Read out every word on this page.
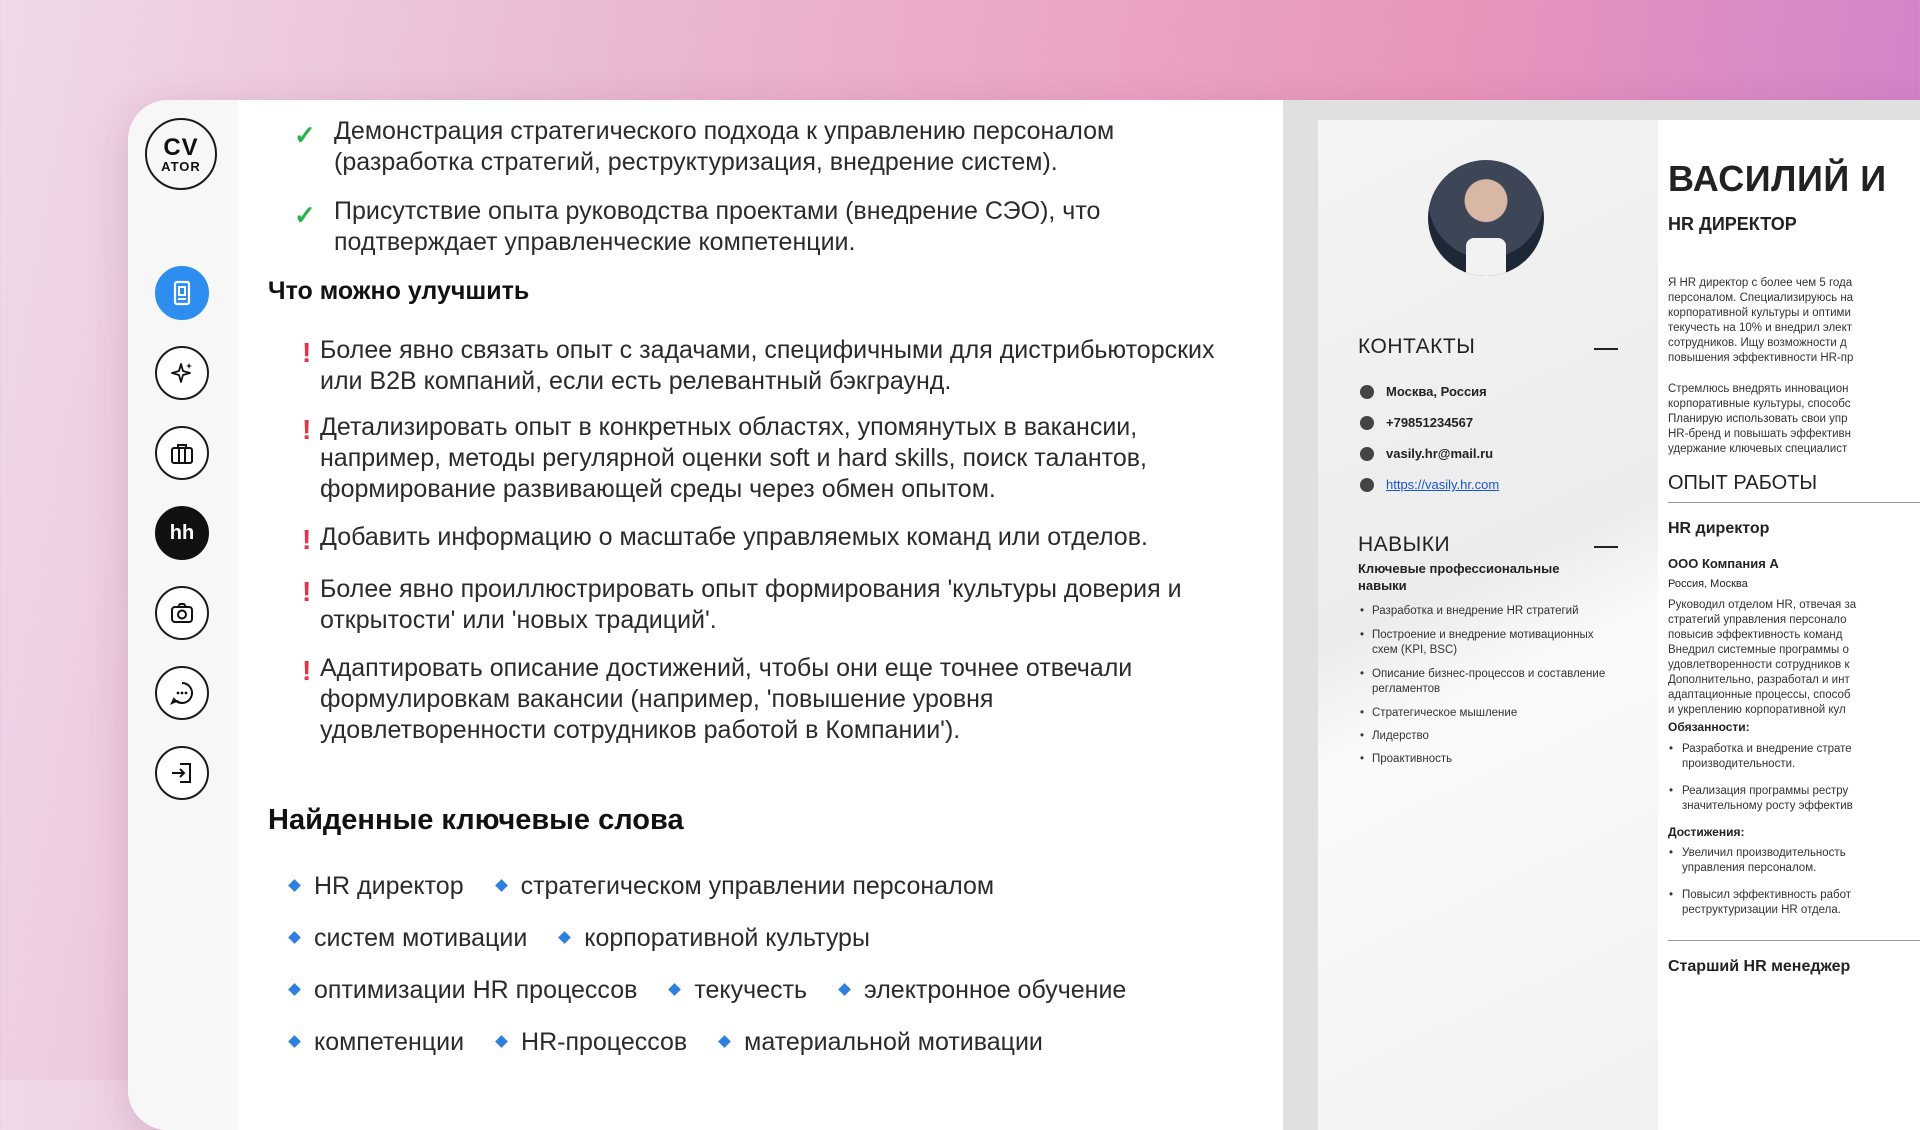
CV
ATOR
hh
✓ Демонстрация стратегического подхода к управлению персоналом (разработка стратегий, реструктуризация, внедрение систем).
✓ Присутствие опыта руководства проектами (внедрение СЭО), что подтверждает управленческие компетенции.
Что можно улучшить
! Более явно связать опыт с задачами, специфичными для дистрибьюторских или B2B компаний, если есть релевантный бэкграунд.
! Детализировать опыт в конкретных областях, упомянутых в вакансии, например, методы регулярной оценки soft и hard skills, поиск талантов, формирование развивающей среды через обмен опытом.
! Добавить информацию о масштабе управляемых команд или отделов.
! Более явно проиллюстрировать опыт формирования 'культуры доверия и открытости' или 'новых традиций'.
! Адаптировать описание достижений, чтобы они еще точнее отвечали формулировкам вакансии (например, 'повышение уровня удовлетворенности сотрудников работой в Компании').
Найденные ключевые слова
HR директор стратегическом управлении персоналом
систем мотивации корпоративной культуры
оптимизации HR процессов текучесть электронное обучение
компетенции HR-процессов материальной мотивации
КОНТАКТЫ
Москва, Россия
+79851234567
vasily.hr@mail.ru
https://vasily.hr.com
НАВЫКИ
Ключевые профессиональные навыки
• Разработка и внедрение HR стратегий
• Построение и внедрение мотивационных схем (KPI, BSC)
• Описание бизнес-процессов и составление регламентов
• Стратегическое мышление
• Лидерство
• Проактивность
ВАСИЛИЙ И
HR ДИРЕКТОР
Я HR директор с более чем 5 года
персоналом. Специализируюсь на
корпоративной культуры и оптими
текучесть на 10% и внедрил элект
сотрудников. Ищу возможности д
повышения эффективности HR-пр
Стремлюсь внедрять инновацион
корпоративные культуры, способс
Планирую использовать свои упр
HR-бренд и повышать эффективн
удержание ключевых специалист
ОПЫТ РАБОТЫ
HR директор
ООО Компания А
Россия, Москва
Руководил отделом HR, отвечая за
стратегий управления персонало
повысив эффективность команд
Внедрил системные программы о
удовлетворенности сотрудников к
Дополнительно, разработал и инт
адаптационные процессы, способ
и укреплению корпоративной кул
Обязанности:
• Разработка и внедрение страте
производительности.
• Реализация программы рестру
значительному росту эффектив
Достижения:
• Увеличил производительность
управления персоналом.
• Повысил эффективность работ
реструктуризации HR отдела.
Старший HR менеджер
